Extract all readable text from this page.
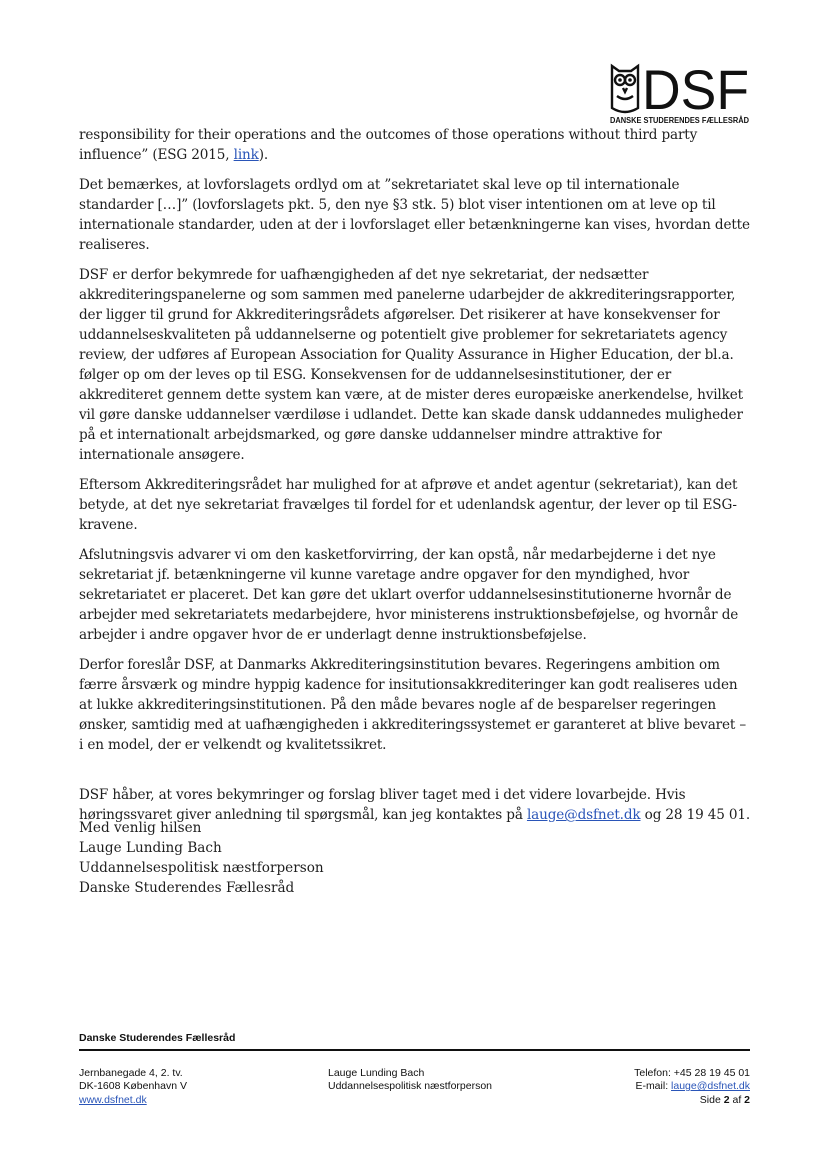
DSF
DANSKE STUDERENDES FÆLLESRÅD

responsibility for their operations and the outcomes of those operations without third party influence” (ESG 2015, link).

Det bemærkes, at lovforslagets ordlyd om at ”sekretariatet skal leve op til internationale standarder […]” (lovforslagets pkt. 5, den nye §3 stk. 5) blot viser intentionen om at leve op til internationale standarder, uden at der i lovforslaget eller betænkningerne kan vises, hvordan dette realiseres.

DSF er derfor bekymrede for uafhængigheden af det nye sekretariat, der nedsætter akkrediteringspanelerne og som sammen med panelerne udarbejder de akkrediteringsrapporter, der ligger til grund for Akkrediteringsrådets afgørelser. Det risikerer at have konsekvenser for uddannelseskvaliteten på uddannelserne og potentielt give problemer for sekretariatets agency review, der udføres af European Association for Quality Assurance in Higher Education, der bl.a. følger op om der leves op til ESG. Konsekvensen for de uddannelsesinstitutioner, der er akkrediteret gennem dette system kan være, at de mister deres europæiske anerkendelse, hvilket vil gøre danske uddannelser værdiløse i udlandet. Dette kan skade dansk uddannedes muligheder på et internationalt arbejdsmarked, og gøre danske uddannelser mindre attraktive for internationale ansøgere.

Eftersom Akkrediteringsrådet har mulighed for at afprøve et andet agentur (sekretariat), kan det betyde, at det nye sekretariat fravælges til fordel for et udenlandsk agentur, der lever op til ESG-kravene.

Afslutningsvis advarer vi om den kasketforvirring, der kan opstå, når medarbejderne i det nye sekretariat jf. betænkningerne vil kunne varetage andre opgaver for den myndighed, hvor sekretariatet er placeret. Det kan gøre det uklart overfor uddannelsesinstitutionerne hvornår de arbejder med sekretariatets medarbejdere, hvor ministerens instruktionsbeføjelse, og hvornår de arbejder i andre opgaver hvor de er underlagt denne instruktionsbeføjelse.

Derfor foreslår DSF, at Danmarks Akkrediteringsinstitution bevares. Regeringens ambition om færre årsværk og mindre hyppig kadence for insitutionsakkrediteringer kan godt realiseres uden at lukke akkrediteringsinstitutionen. På den måde bevares nogle af de besparelser regeringen ønsker, samtidig med at uafhængigheden i akkrediteringssystemet er garanteret at blive bevaret – i en model, der er velkendt og kvalitetssikret.

DSF håber, at vores bekymringer og forslag bliver taget med i det videre lovarbejde. Hvis høringssvaret giver anledning til spørgsmål, kan jeg kontaktes på lauge@dsfnet.dk og 28 19 45 01.

Med venlig hilsen
Lauge Lunding Bach
Uddannelsespolitisk næstforperson
Danske Studerendes Fællesråd
Danske Studerendes Fællesråd
Jernbanegade 4, 2. tv.
DK-1608 København V
www.dsfnet.dk
Lauge Lunding Bach
Uddannelsespolitisk næstforperson
Telefon: +45 28 19 45 01
E-mail: lauge@dsfnet.dk
Side 2 af 2
